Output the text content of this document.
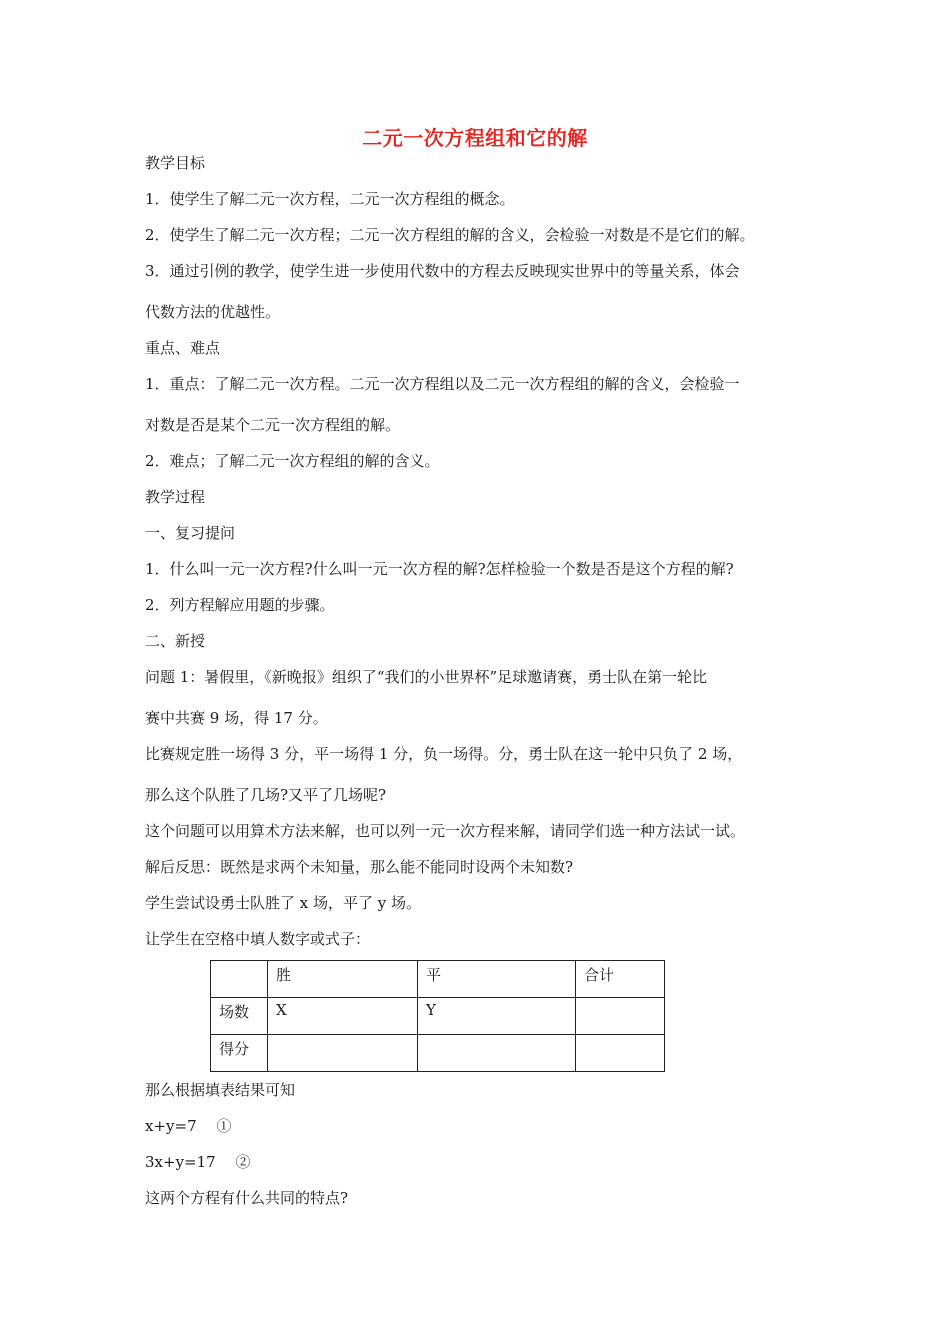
二元一次方程组和它的解
教学目标
1．使学生了解二元一次方程，二元一次方程组的概念。
2．使学生了解二元一次方程；二元一次方程组的解的含义，会检验一对数是不是它们的解。
3．通过引例的教学，使学生进一步使用代数中的方程去反映现实世界中的等量关系，体会
代数方法的优越性。
重点、难点
1．重点：了解二元一次方程。二元一次方程组以及二元一次方程组的解的含义，会检验一
对数是否是某个二元一次方程组的解。
2．难点；了解二元一次方程组的解的含义。
教学过程
一、复习提问
1．什么叫一元一次方程?什么叫一元一次方程的解?怎样检验一个数是否是这个方程的解?
2．列方程解应用题的步骤。
二、新授
问题 1：暑假里，《新晚报》组织了“我们的小世界杯”足球邀请赛，勇士队在第一轮比
赛中共赛 9 场，得 17 分。
比赛规定胜一场得 3 分，平一场得 1 分，负一场得。分，勇士队在这一轮中只负了 2 场，
那么这个队胜了几场?又平了几场呢?
这个问题可以用算术方法来解，也可以列一元一次方程来解，请同学们选一种方法试一试。
解后反思：既然是求两个未知量，那么能不能同时设两个未知数?
学生尝试设勇士队胜了 x 场，平了 y 场。
让学生在空格中填人数字或式子：
	胜	平	合计
场数	X	Y	
得分			
那么根据填表结果可知
x+y=7　 ①
3x+y=17　 ②
这两个方程有什么共同的特点?
